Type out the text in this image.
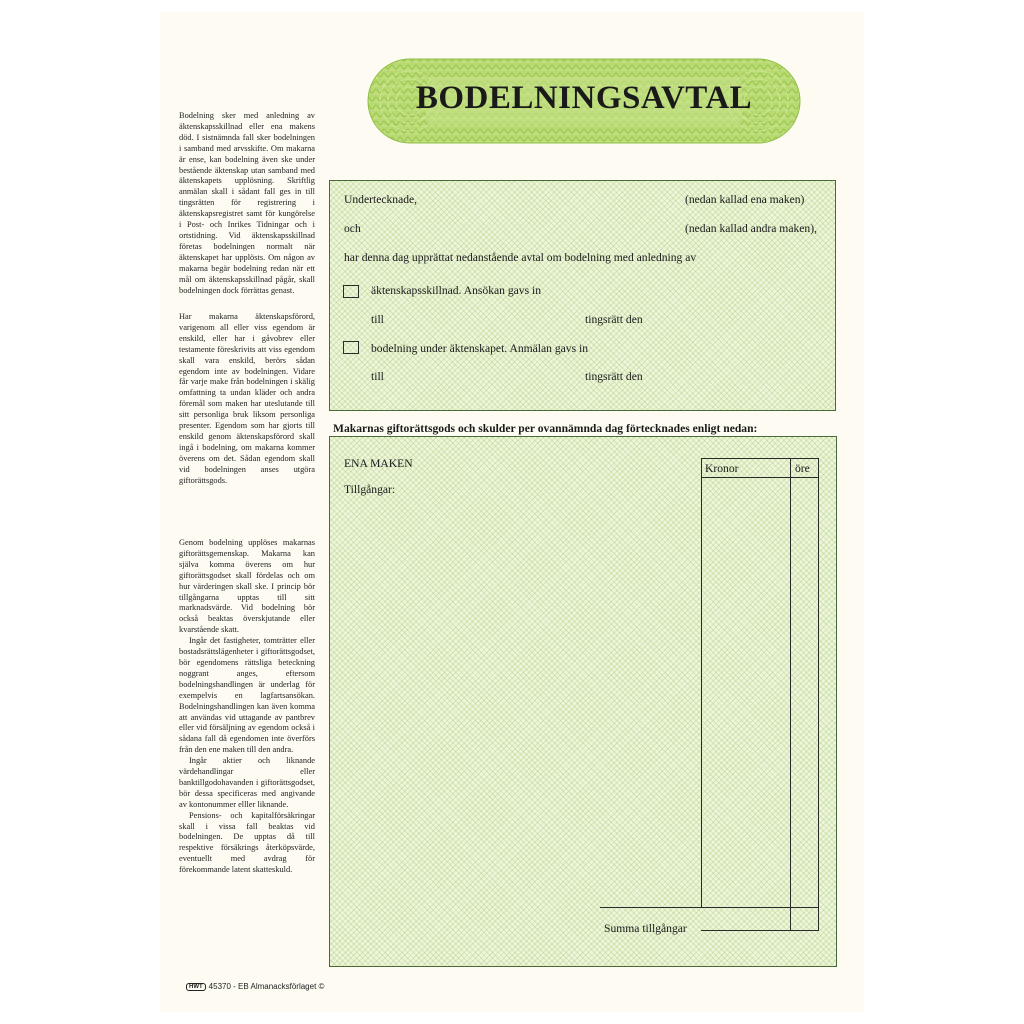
Bodelning sker med anledning av äktenskapsskillnad eller ena makens död. I sistnämnda fall sker bodelningen i samband med arvsskifte. Om makarna är ense, kan bodelning även ske under bestående äktenskap utan samband med äktenskapets upplösning. Skriftlig anmälan skall i sådant fall ges in till tingsrätten för registrering i äktenskapsregistret samt för kungörelse i Post- och Inrikes Tidningar och i ortstidning. Vid äktenskapsskillnad företas bodelningen normalt när äktenskapet har upplösts. Om någon av makarna begär bodelning redan när ett mål om äktenskapsskillnad pågår, skall bodelningen dock förrättas genast.

Har makarna äktenskapsförord, varigenom all eller viss egendom är enskild, eller har i gåvobrev eller testamente föreskrivits att viss egendom skall vara enskild, berörs sådan egendom inte av bodelningen. Vidare får varje make från bodelningen i skälig omfattning ta undan kläder och andra föremål som maken har uteslutande till sitt personliga bruk liksom personliga presenter. Egendom som har gjorts till enskild genom äktenskapsförord skall ingå i bodelning, om makarna kommer överens om det. Sådan egendom skall vid bodelningen anses utgöra giftorättsgods.

Genom bodelning upplöses makarnas giftorättsgemenskap. Makarna kan själva komma överens om hur giftorättsgodset skall fördelas och om hur värderingen skall ske. I princip bör tillgångarna upptas till sitt marknadsvärde. Vid bodelning bör också beaktas överskjutande eller kvarstående skatt.

Ingår det fastigheter, tomträtter eller bostadsrättslägenheter i giftorättsgodset, bör egendomens rättsliga beteckning noggrant anges, eftersom bodelningshandlingen är underlag för exempelvis en lagfartsansökan. Bodelningshandlingen kan även komma att användas vid uttagande av pantbrev eller vid försäljning av egendom också i sådana fall då egendomen inte överförs från den ene maken till den andra.

Ingår aktier och liknande värdehandlingar eller banktillgodohavanden i giftorättsgodset, bör dessa specificeras med angivande av kontonummer elller liknande.

Pensions- och kapitalförsäkringar skall i vissa fall beaktas vid bodelningen. De upptas då till respektive försäkrings återköpsvärde, eventuellt med avdrag för förekommande latent skatteskuld.

BODELNINGSAVTAL
Undertecknade,	(nedan kallad ena maken)
och	(nedan kallad andra maken),
har denna dag upprättat nedanstående avtal om bodelning med anledning av
äktenskapsskillnad. Ansökan gavs in
till	tingsrätt den
bodelning under äktenskapet. Anmälan gavs in
till	tingsrätt den
Makarnas giftorättsgods och skulder per ovannämnda dag förtecknades enligt nedan:
ENA MAKEN
Tillgångar:
Kronor	öre
Summa tillgångar
HWT 45370 - EB Almanacksförlaget ©
